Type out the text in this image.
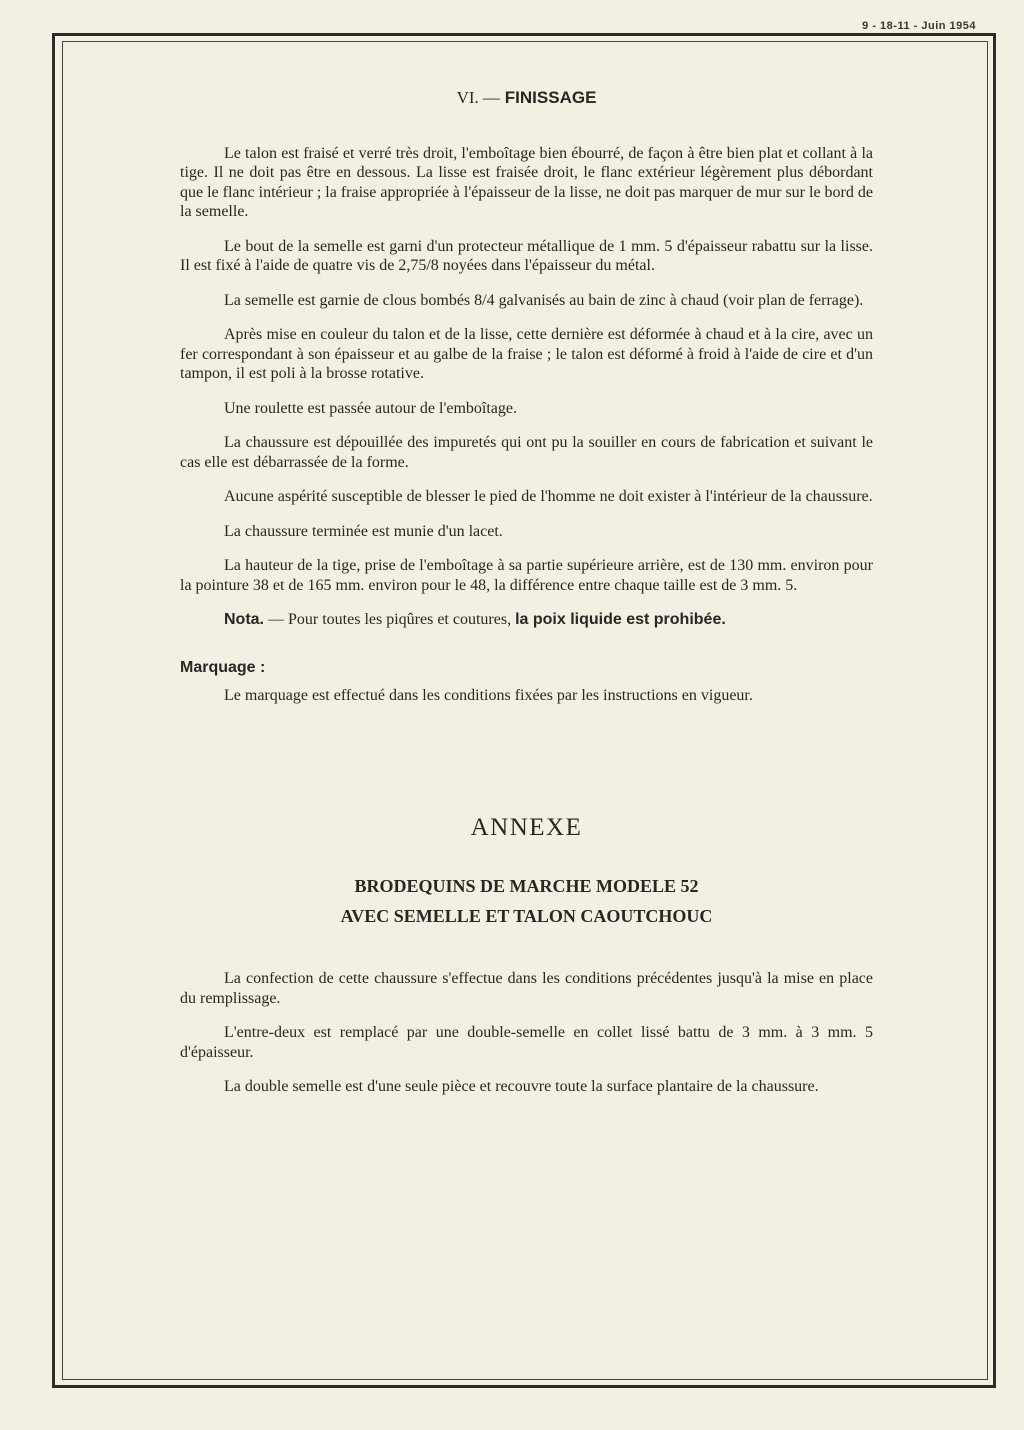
9 - 18-11 - Juin 1954
VI. — FINISSAGE

Le talon est fraisé et verré très droit, l'emboîtage bien ébourré, de façon à être bien plat et collant à la tige. Il ne doit pas être en dessous. La lisse est fraisée droit, le flanc extérieur légèrement plus débordant que le flanc intérieur ; la fraise appropriée à l'épaisseur de la lisse, ne doit pas marquer de mur sur le bord de la semelle.

Le bout de la semelle est garni d'un protecteur métallique de 1 mm. 5 d'épaisseur rabattu sur la lisse. Il est fixé à l'aide de quatre vis de 2,75/8 noyées dans l'épaisseur du métal.

La semelle est garnie de clous bombés 8/4 galvanisés au bain de zinc à chaud (voir plan de ferrage).

Après mise en couleur du talon et de la lisse, cette dernière est déformée à chaud et à la cire, avec un fer correspondant à son épaisseur et au galbe de la fraise ; le talon est déformé à froid à l'aide de cire et d'un tampon, il est poli à la brosse rotative.

Une roulette est passée autour de l'emboîtage.

La chaussure est dépouillée des impuretés qui ont pu la souiller en cours de fabrication et suivant le cas elle est débarrassée de la forme.

Aucune aspérité susceptible de blesser le pied de l'homme ne doit exister à l'intérieur de la chaussure.

La chaussure terminée est munie d'un lacet.

La hauteur de la tige, prise de l'emboîtage à sa partie supérieure arrière, est de 130 mm. environ pour la pointure 38 et de 165 mm. environ pour le 48, la différence entre chaque taille est de 3 mm. 5.

Nota. — Pour toutes les piqûres et coutures, la poix liquide est prohibée.

Marquage :

Le marquage est effectué dans les conditions fixées par les instructions en vigueur.

ANNEXE
BRODEQUINS DE MARCHE MODELE 52
AVEC SEMELLE ET TALON CAOUTCHOUC

La confection de cette chaussure s'effectue dans les conditions précédentes jusqu'à la mise en place du remplissage.

L'entre-deux est remplacé par une double-semelle en collet lissé battu de 3 mm. à 3 mm. 5 d'épaisseur.

La double semelle est d'une seule pièce et recouvre toute la surface plantaire de la chaussure.
